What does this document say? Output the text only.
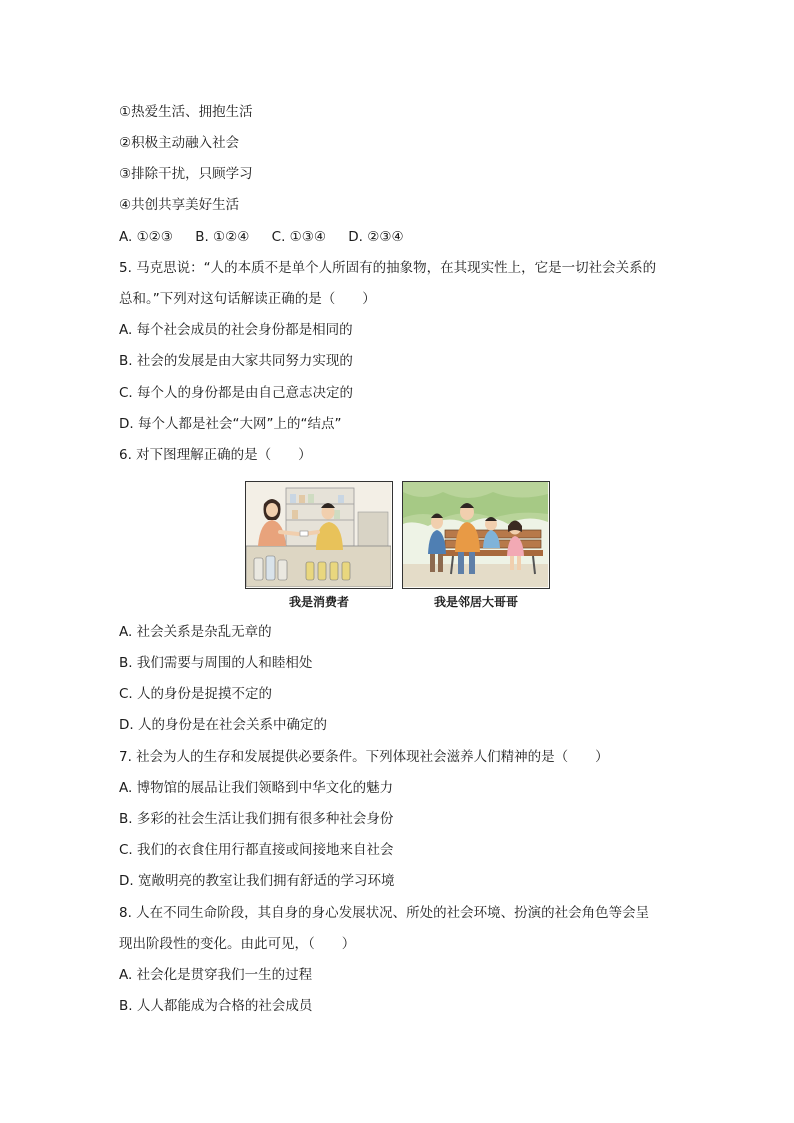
①热爱生活、拥抱生活
②积极主动融入社会
③排除干扰，只顾学习
④共创共享美好生活
A. ①②③ B. ①②④ C. ①③④ D. ②③④
5. 马克思说：“人的本质不是单个人所固有的抽象物，在其现实性上，它是一切社会关系的
总和。”下列对这句话解读正确的是（　　）
A. 每个社会成员的社会身份都是相同的
B. 社会的发展是由大家共同努力实现的
C. 每个人的身份都是由自己意志决定的
D. 每个人都是社会“大网”上的“结点”
6. 对下图理解正确的是（　　）
我是消费者	我是邻居大哥哥
A. 社会关系是杂乱无章的
B. 我们需要与周围的人和睦相处
C. 人的身份是捉摸不定的
D. 人的身份是在社会关系中确定的
7. 社会为人的生存和发展提供必要条件。下列体现社会滋养人们精神的是（　　）
A. 博物馆的展品让我们领略到中华文化的魅力
B. 多彩的社会生活让我们拥有很多种社会身份
C. 我们的衣食住用行都直接或间接地来自社会
D. 宽敞明亮的教室让我们拥有舒适的学习环境
8. 人在不同生命阶段，其自身的身心发展状况、所处的社会环境、扮演的社会角色等会呈
现出阶段性的变化。由此可见，（　　）
A. 社会化是贯穿我们一生的过程
B. 人人都能成为合格的社会成员
